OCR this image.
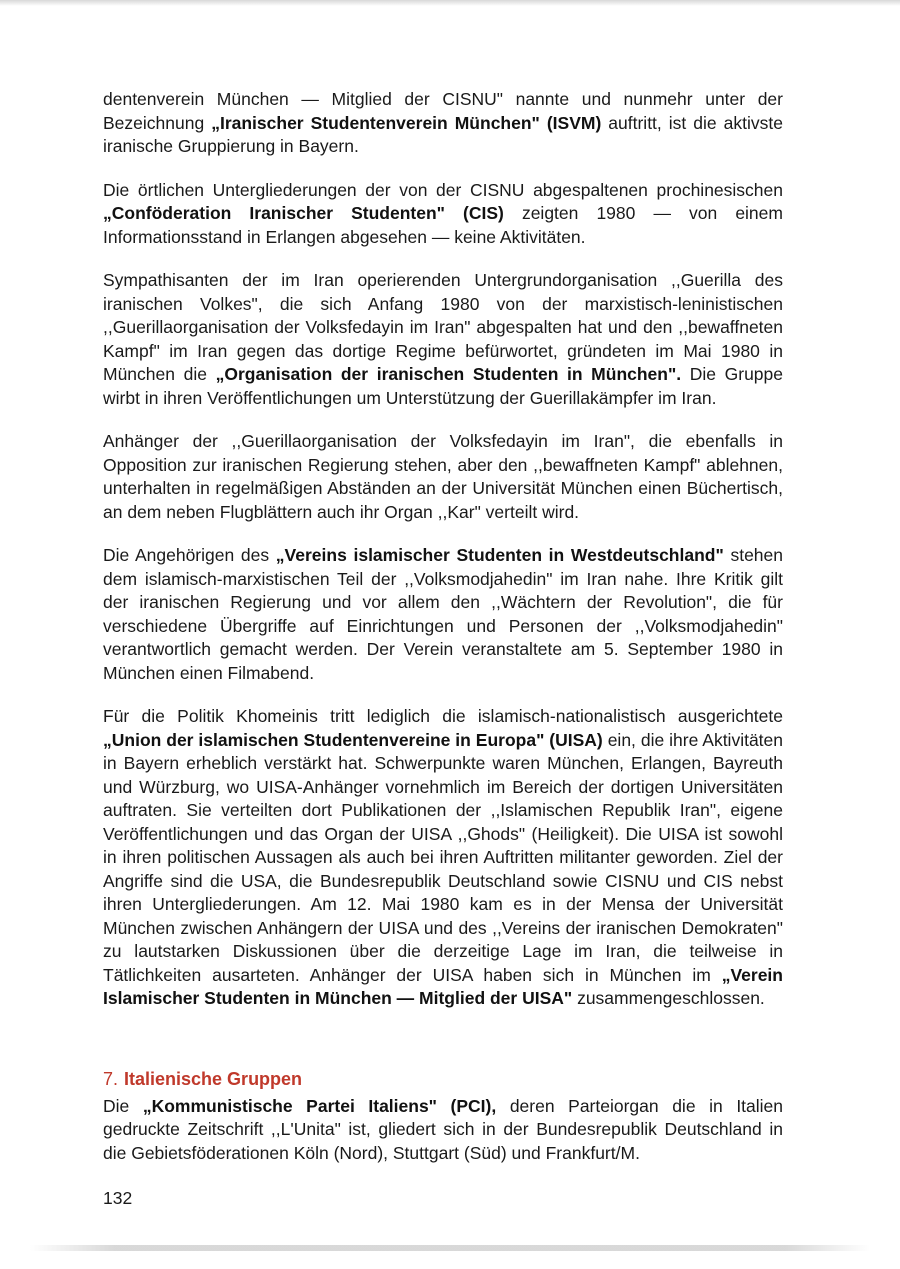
dentenverein München — Mitglied der CISNU" nannte und nunmehr unter der Bezeichnung „Iranischer Studentenverein München" (ISVM) auftritt, ist die aktivste iranische Gruppierung in Bayern.

Die örtlichen Untergliederungen der von der CISNU abgespaltenen prochinesischen „Conföderation Iranischer Studenten" (CIS) zeigten 1980 — von einem Informationsstand in Erlangen abgesehen — keine Aktivitäten.

Sympathisanten der im Iran operierenden Untergrundorganisation ,,Guerilla des iranischen Volkes", die sich Anfang 1980 von der marxistisch-leninistischen ,,Guerillaorganisation der Volksfedayin im Iran" abgespalten hat und den ,,bewaffneten Kampf" im Iran gegen das dortige Regime befürwortet, gründeten im Mai 1980 in München die „Organisation der iranischen Studenten in München". Die Gruppe wirbt in ihren Veröffentlichungen um Unterstützung der Guerillakämpfer im Iran.

Anhänger der ,,Guerillaorganisation der Volksfedayin im Iran", die ebenfalls in Opposition zur iranischen Regierung stehen, aber den ,,bewaffneten Kampf" ablehnen, unterhalten in regelmäßigen Abständen an der Universität München einen Büchertisch, an dem neben Flugblättern auch ihr Organ ,,Kar" verteilt wird.

Die Angehörigen des „Vereins islamischer Studenten in Westdeutschland" stehen dem islamisch-marxistischen Teil der ,,Volksmodjahedin" im Iran nahe. Ihre Kritik gilt der iranischen Regierung und vor allem den ,,Wächtern der Revolution", die für verschiedene Übergriffe auf Einrichtungen und Personen der ,,Volksmodjahedin" verantwortlich gemacht werden. Der Verein veranstaltete am 5. September 1980 in München einen Filmabend.

Für die Politik Khomeinis tritt lediglich die islamisch-nationalistisch ausgerichtete „Union der islamischen Studentenvereine in Europa" (UISA) ein, die ihre Aktivitäten in Bayern erheblich verstärkt hat. Schwerpunkte waren München, Erlangen, Bayreuth und Würzburg, wo UISA-Anhänger vornehmlich im Bereich der dortigen Universitäten auftraten. Sie verteilten dort Publikationen der ,,Islamischen Republik Iran", eigene Veröffentlichungen und das Organ der UISA ,,Ghods" (Heiligkeit). Die UISA ist sowohl in ihren politischen Aussagen als auch bei ihren Auftritten militanter geworden. Ziel der Angriffe sind die USA, die Bundesrepublik Deutschland sowie CISNU und CIS nebst ihren Untergliederungen. Am 12. Mai 1980 kam es in der Mensa der Universität München zwischen Anhängern der UISA und des ,,Vereins der iranischen Demokraten" zu lautstarken Diskussionen über die derzeitige Lage im Iran, die teilweise in Tätlichkeiten ausarteten. Anhänger der UISA haben sich in München im „Verein Islamischer Studenten in München — Mitglied der UISA" zusammengeschlossen.

7. Italienische Gruppen

Die „Kommunistische Partei Italiens" (PCI), deren Parteiorgan die in Italien gedruckte Zeitschrift ,,L'Unita" ist, gliedert sich in der Bundesrepublik Deutschland in die Gebietsföderationen Köln (Nord), Stuttgart (Süd) und Frankfurt/M.

132
